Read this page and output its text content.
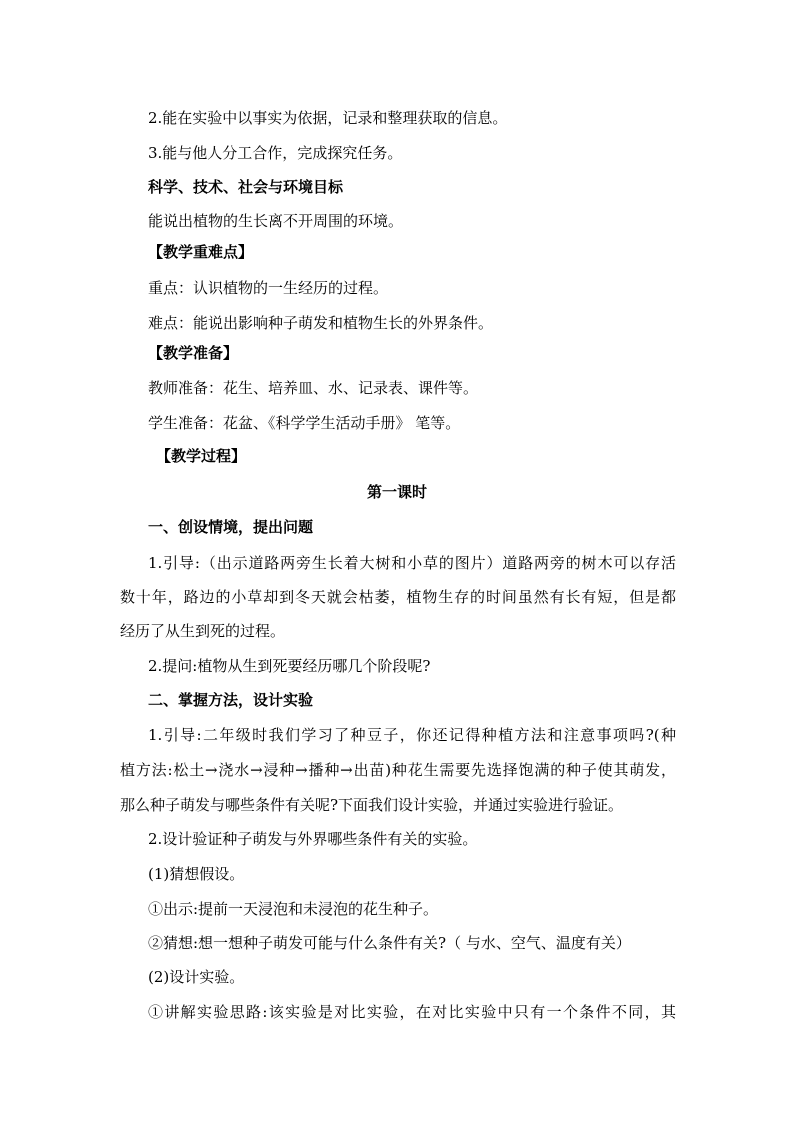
2.能在实验中以事实为依据，记录和整理获取的信息。
3.能与他人分工合作，完成探究任务。
科学、技术、社会与环境目标
能说出植物的生长离不开周围的环境。
【教学重难点】
重点：认识植物的一生经历的过程。
难点：能说出影响种子萌发和植物生长的外界条件。
【教学准备】
教师准备：花生、培养皿、水、记录表、课件等。
学生准备：花盆、《科学学生活动手册》 笔等。
【教学过程】
第一课时
一、创设情境，提出问题
1.引导:（出示道路两旁生长着大树和小草的图片）道路两旁的树木可以存活
数十年，路边的小草却到冬天就会枯萎，植物生存的时间虽然有长有短，但是都
经历了从生到死的过程。
2.提问:植物从生到死要经历哪几个阶段呢?
二、掌握方法，设计实验
1.引导:二年级时我们学习了种豆子，你还记得种植方法和注意事项吗?(种
植方法:松土→浇水→浸种→播种→出苗)种花生需要先选择饱满的种子使其萌发，
那么种子萌发与哪些条件有关呢?下面我们设计实验，并通过实验进行验证。
2.设计验证种子萌发与外界哪些条件有关的实验。
(1)猜想假设。
①出示:提前一天浸泡和未浸泡的花生种子。
②猜想:想一想种子萌发可能与什么条件有关?（ 与水、空气、温度有关）
(2)设计实验。
①讲解实验思路:该实验是对比实验，在对比实验中只有一个条件不同，其
